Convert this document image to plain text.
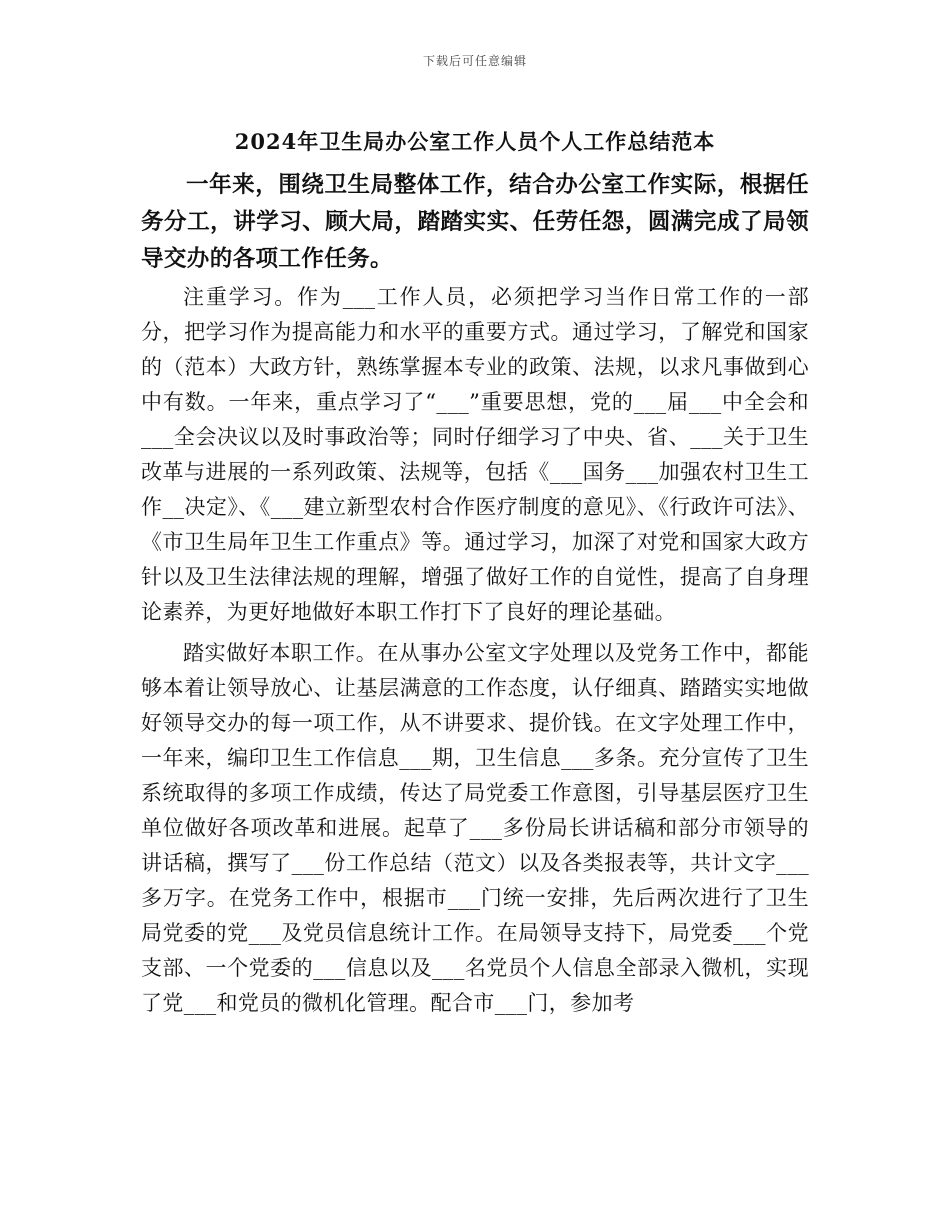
下载后可任意编辑
2024年卫生局办公室工作人员个人工作总结范本

一年来，围绕卫生局整体工作，结合办公室工作实际，根据任务分工，讲学习、顾大局，踏踏实实、任劳任怨，圆满完成了局领导交办的各项工作任务。

注重学习。作为___工作人员，必须把学习当作日常工作的一部分，把学习作为提高能力和水平的重要方式。通过学习，了解党和国家的（范本）大政方针，熟练掌握本专业的政策、法规，以求凡事做到心中有数。一年来，重点学习了“___”重要思想，党的___届___中全会和___全会决议以及时事政治等；同时仔细学习了中央、省、___关于卫生改革与进展的一系列政策、法规等，包括《___国务___加强农村卫生工作__决定》、《___建立新型农村合作医疗制度的意见》、《行政许可法》、《市卫生局年卫生工作重点》等。通过学习，加深了对党和国家大政方针以及卫生法律法规的理解，增强了做好工作的自觉性，提高了自身理论素养，为更好地做好本职工作打下了良好的理论基础。

踏实做好本职工作。在从事办公室文字处理以及党务工作中，都能够本着让领导放心、让基层满意的工作态度，认仔细真、踏踏实实地做好领导交办的每一项工作，从不讲要求、提价钱。在文字处理工作中，一年来，编印卫生工作信息___期，卫生信息___多条。充分宣传了卫生系统取得的多项工作成绩，传达了局党委工作意图，引导基层医疗卫生单位做好各项改革和进展。起草了___多份局长讲话稿和部分市领导的讲话稿，撰写了___份工作总结（范文）以及各类报表等，共计文字___多万字。在党务工作中，根据市___门统一安排，先后两次进行了卫生局党委的党___及党员信息统计工作。在局领导支持下，局党委___个党支部、一个党委的___信息以及___名党员个人信息全部录入微机，实现了党___和党员的微机化管理。配合市___门，参加考
